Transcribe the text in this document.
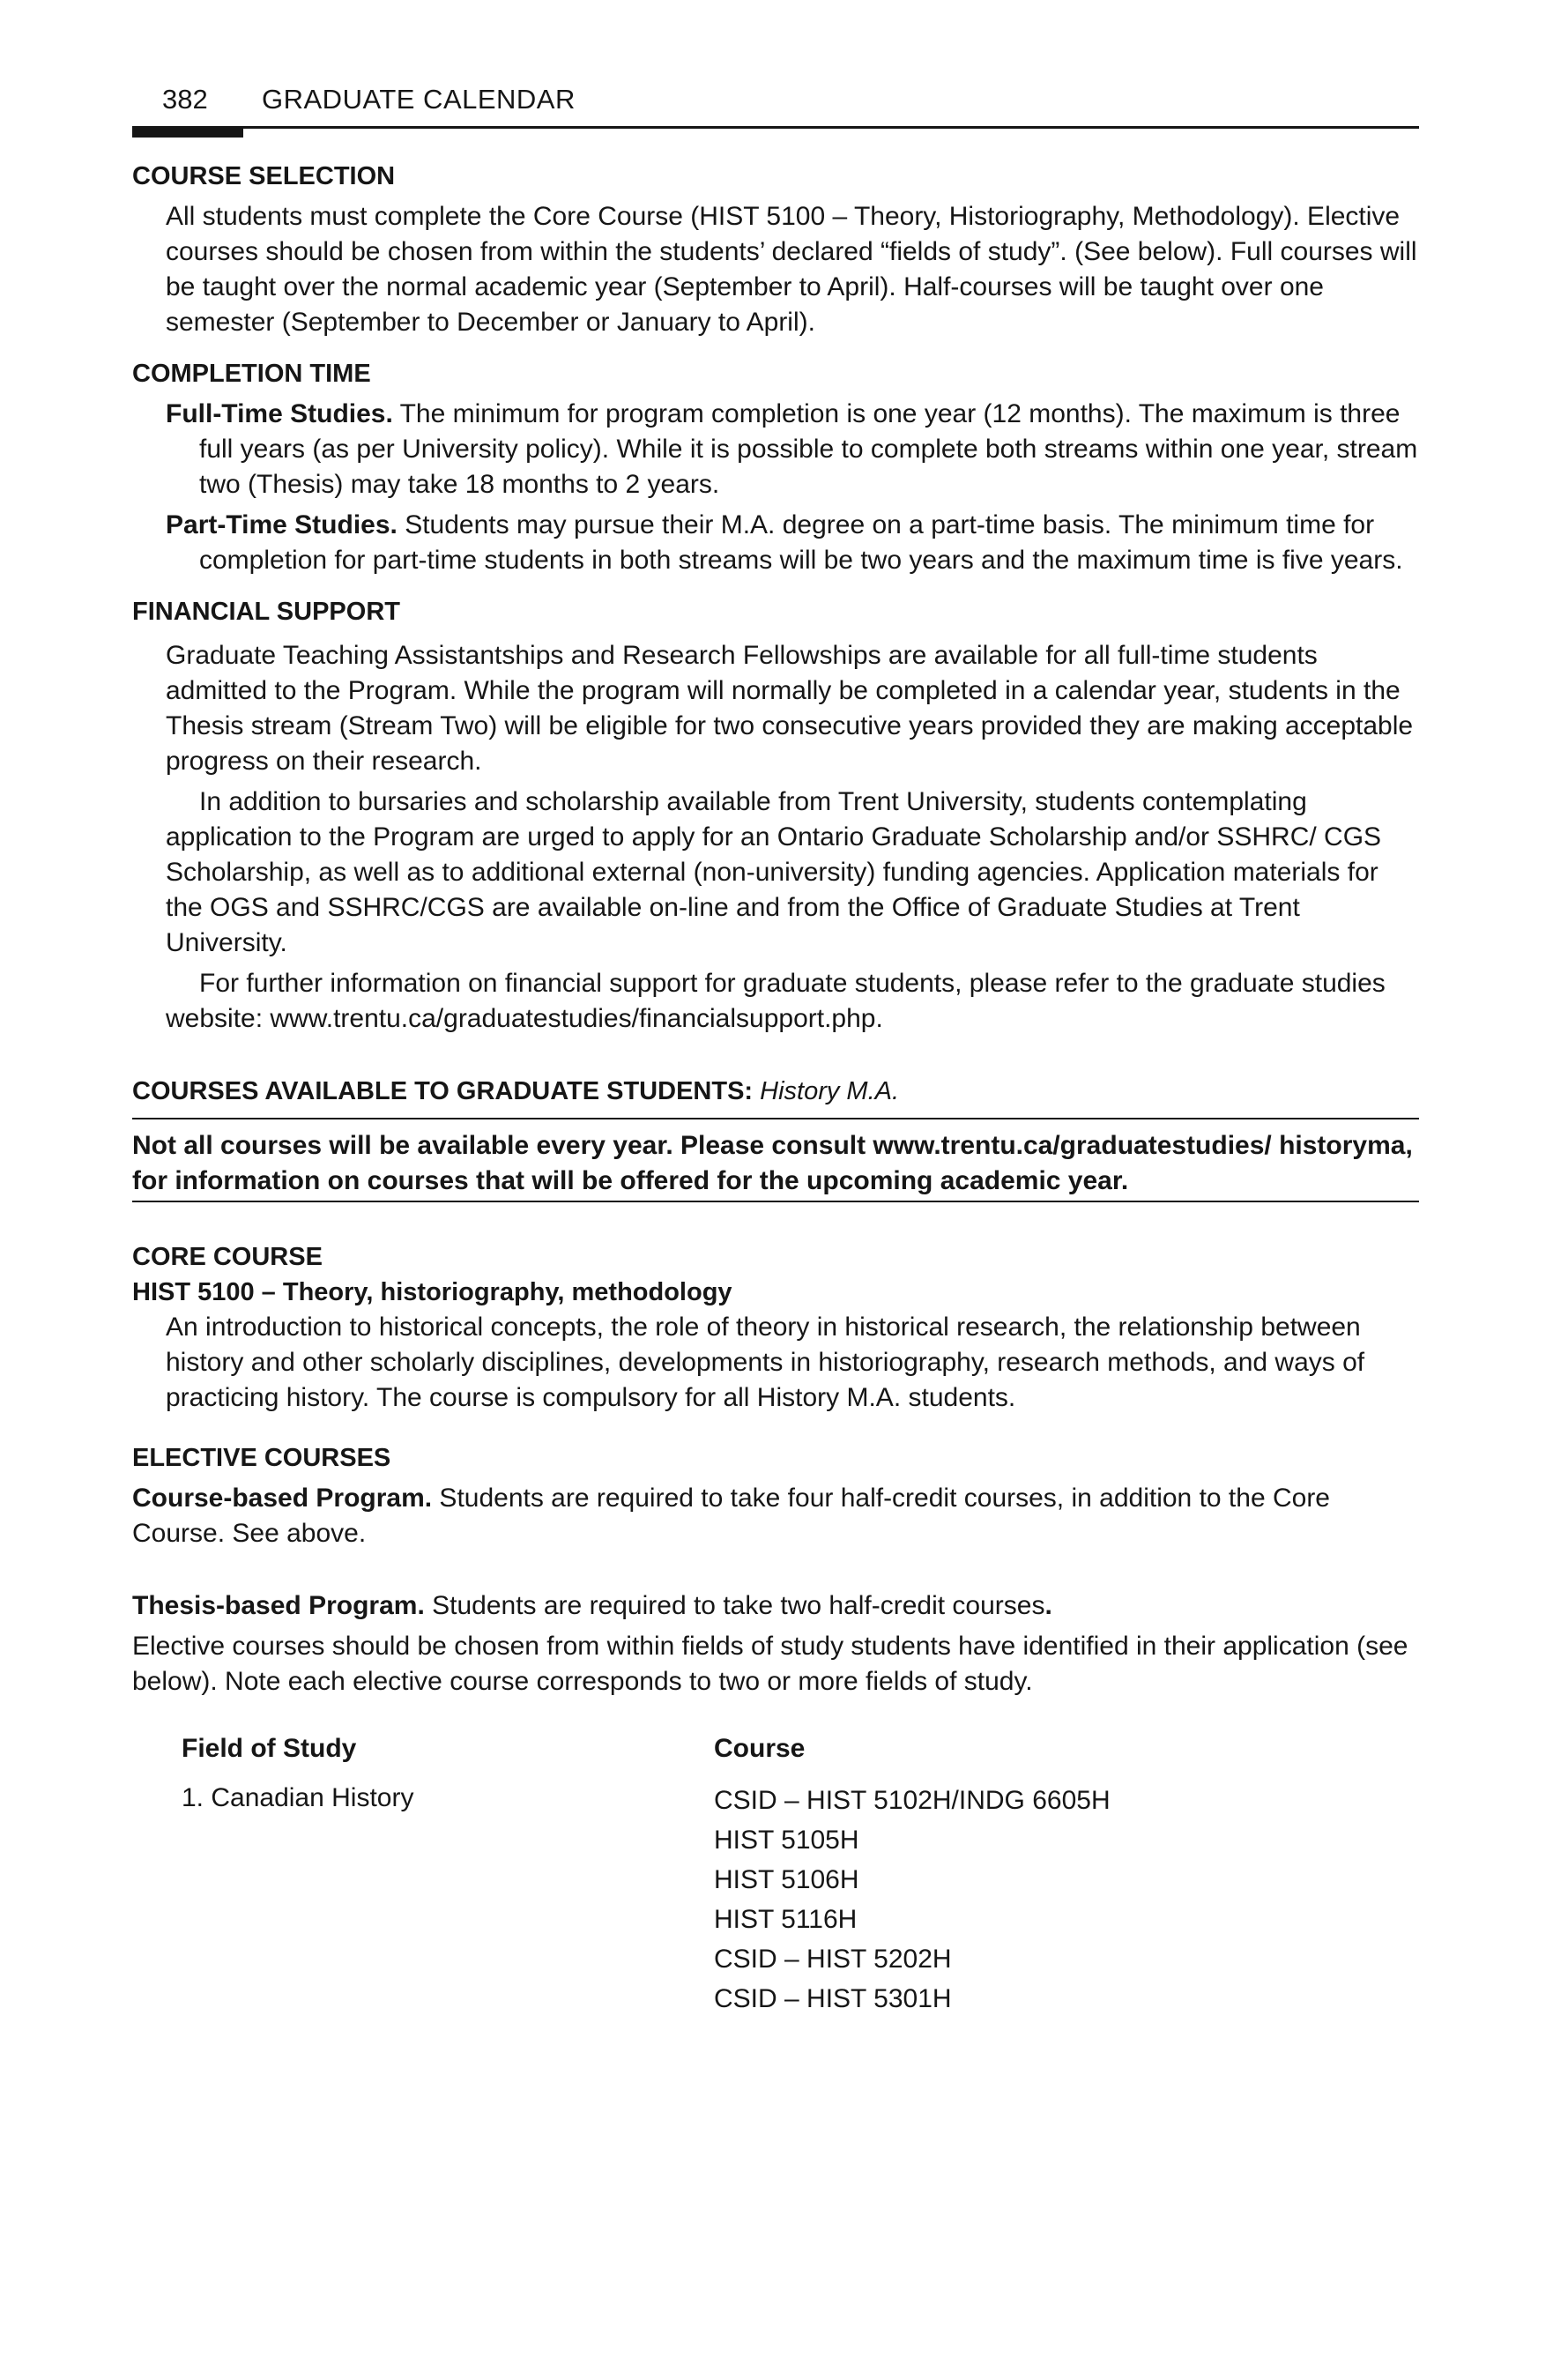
382 GRADUATE CALENDAR

COURSE SELECTION

All students must complete the Core Course (HIST 5100 – Theory, Historiography, Methodology). Elective courses should be chosen from within the students’ declared “fields of study”. (See below). Full courses will be taught over the normal academic year (September to April). Half-courses will be taught over one semester (September to December or January to April).

COMPLETION TIME

Full-Time Studies. The minimum for program completion is one year (12 months). The maximum is three full years (as per University policy). While it is possible to complete both streams within one year, stream two (Thesis) may take 18 months to 2 years.

Part-Time Studies. Students may pursue their M.A. degree on a part-time basis. The minimum time for completion for part-time students in both streams will be two years and the maximum time is five years.

FINANCIAL SUPPORT

Graduate Teaching Assistantships and Research Fellowships are available for all full-time students admitted to the Program. While the program will normally be completed in a calendar year, students in the Thesis stream (Stream Two) will be eligible for two consecutive years provided they are making acceptable progress on their research.

In addition to bursaries and scholarship available from Trent University, students contemplating application to the Program are urged to apply for an Ontario Graduate Scholarship and/or SSHRC/ CGS Scholarship, as well as to additional external (non-university) funding agencies. Application materials for the OGS and SSHRC/CGS are available on-line and from the Office of Graduate Studies at Trent University.

For further information on financial support for graduate students, please refer to the graduate studies website: www.trentu.ca/graduatestudies/financialsupport.php.

COURSES AVAILABLE TO GRADUATE STUDENTS: History M.A.

Not all courses will be available every year. Please consult www.trentu.ca/graduatestudies/ historyma, for information on courses that will be offered for the upcoming academic year.

CORE COURSE

HIST 5100 – Theory, historiography, methodology

An introduction to historical concepts, the role of theory in historical research, the relationship between history and other scholarly disciplines, developments in historiography, research methods, and ways of practicing history. The course is compulsory for all History M.A. students.

ELECTIVE COURSES

Course-based Program. Students are required to take four half-credit courses, in addition to the Core Course. See above.

Thesis-based Program. Students are required to take two half-credit courses.

Elective courses should be chosen from within fields of study students have identified in their application (see below). Note each elective course corresponds to two or more fields of study.

Field of Study	Course
1. Canadian History	CSID – HIST 5102H/INDG 6605H
HIST 5105H
HIST 5106H
HIST 5116H
CSID – HIST 5202H
CSID – HIST 5301H
